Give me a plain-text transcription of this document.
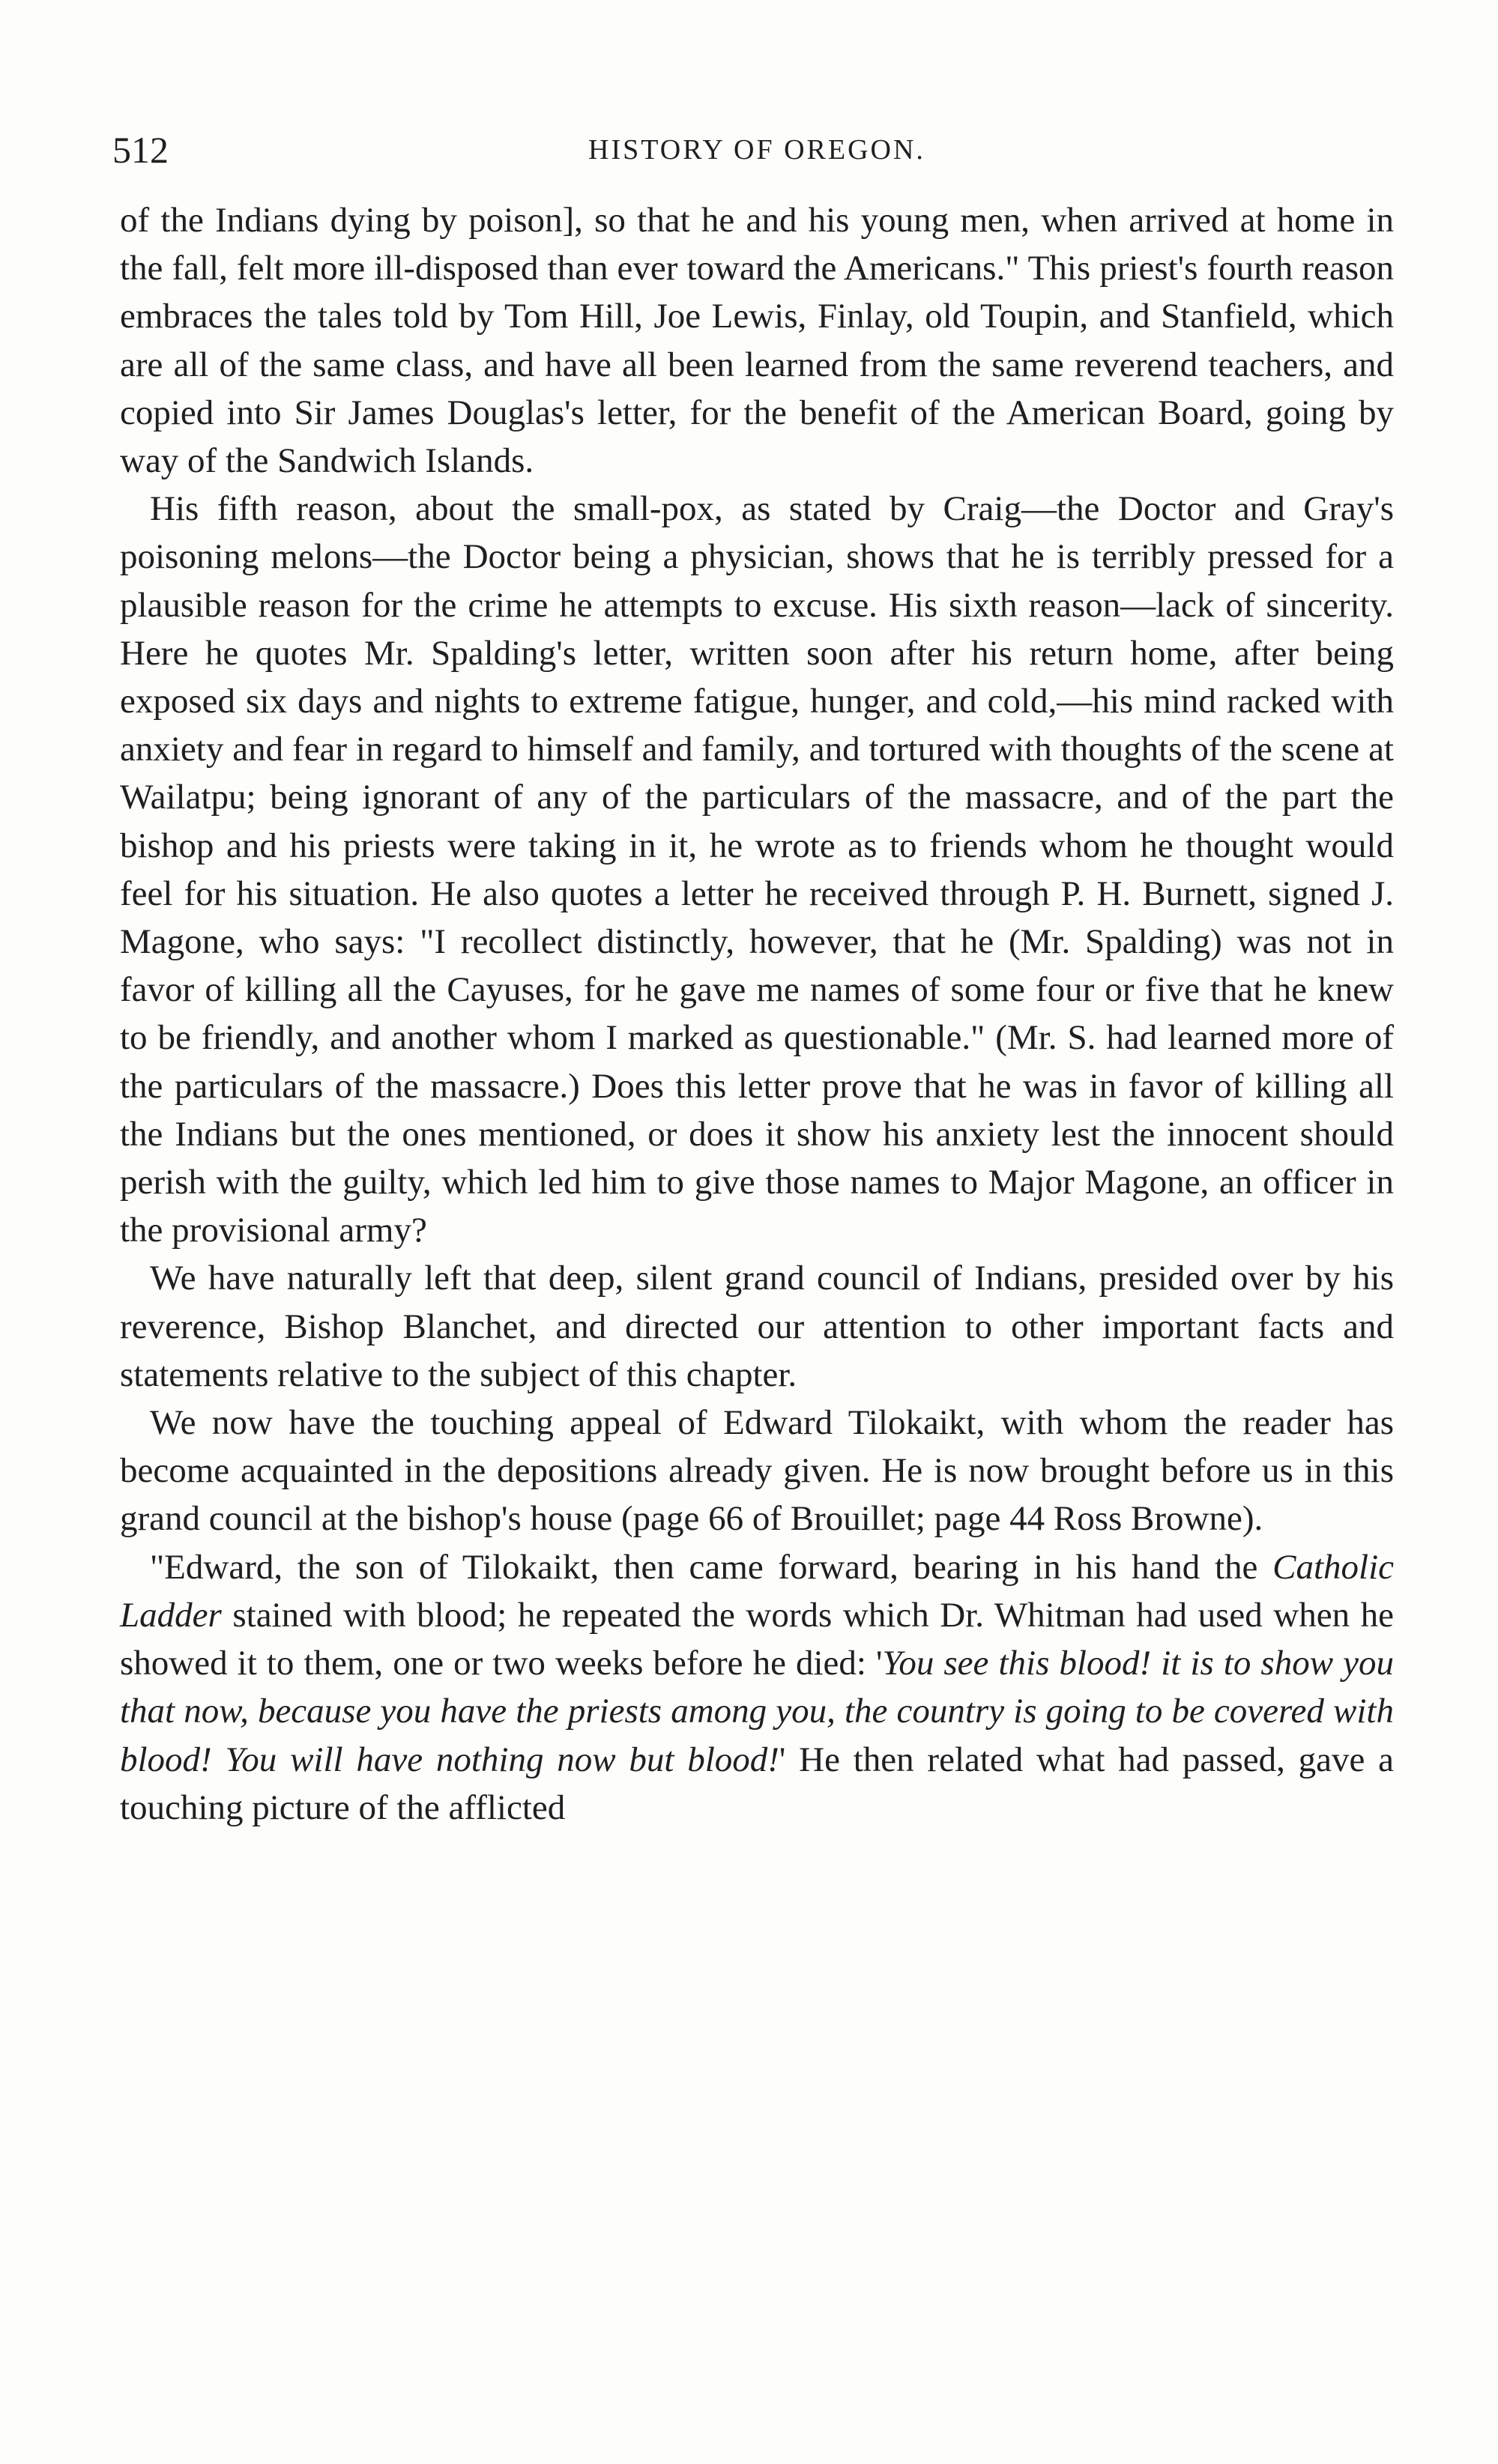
512	HISTORY OF OREGON.

of the Indians dying by poison], so that he and his young men, when arrived at home in the fall, felt more ill-disposed than ever toward the Americans." This priest's fourth reason embraces the tales told by Tom Hill, Joe Lewis, Finlay, old Toupin, and Stanfield, which are all of the same class, and have all been learned from the same reverend teachers, and copied into Sir James Douglas's letter, for the benefit of the American Board, going by way of the Sandwich Islands.

His fifth reason, about the small-pox, as stated by Craig—the Doctor and Gray's poisoning melons—the Doctor being a physician, shows that he is terribly pressed for a plausible reason for the crime he attempts to excuse. His sixth reason—lack of sincerity. Here he quotes Mr. Spalding's letter, written soon after his return home, after being exposed six days and nights to extreme fatigue, hunger, and cold,—his mind racked with anxiety and fear in regard to himself and family, and tortured with thoughts of the scene at Wailatpu; being ignorant of any of the particulars of the massacre, and of the part the bishop and his priests were taking in it, he wrote as to friends whom he thought would feel for his situation. He also quotes a letter he received through P. H. Burnett, signed J. Magone, who says: "I recollect distinctly, however, that he (Mr. Spalding) was not in favor of killing all the Cayuses, for he gave me names of some four or five that he knew to be friendly, and another whom I marked as questionable." (Mr. S. had learned more of the particulars of the massacre.) Does this letter prove that he was in favor of killing all the Indians but the ones mentioned, or does it show his anxiety lest the innocent should perish with the guilty, which led him to give those names to Major Magone, an officer in the provisional army?

We have naturally left that deep, silent grand council of Indians, presided over by his reverence, Bishop Blanchet, and directed our attention to other important facts and statements relative to the subject of this chapter.

We now have the touching appeal of Edward Tilokaikt, with whom the reader has become acquainted in the depositions already given. He is now brought before us in this grand council at the bishop's house (page 66 of Brouillet; page 44 Ross Browne).

"Edward, the son of Tilokaikt, then came forward, bearing in his hand the Catholic Ladder stained with blood; he repeated the words which Dr. Whitman had used when he showed it to them, one or two weeks before he died: 'You see this blood! it is to show you that now, because you have the priests among you, the country is going to be covered with blood! You will have nothing now but blood!' He then related what had passed, gave a touching picture of the afflicted
